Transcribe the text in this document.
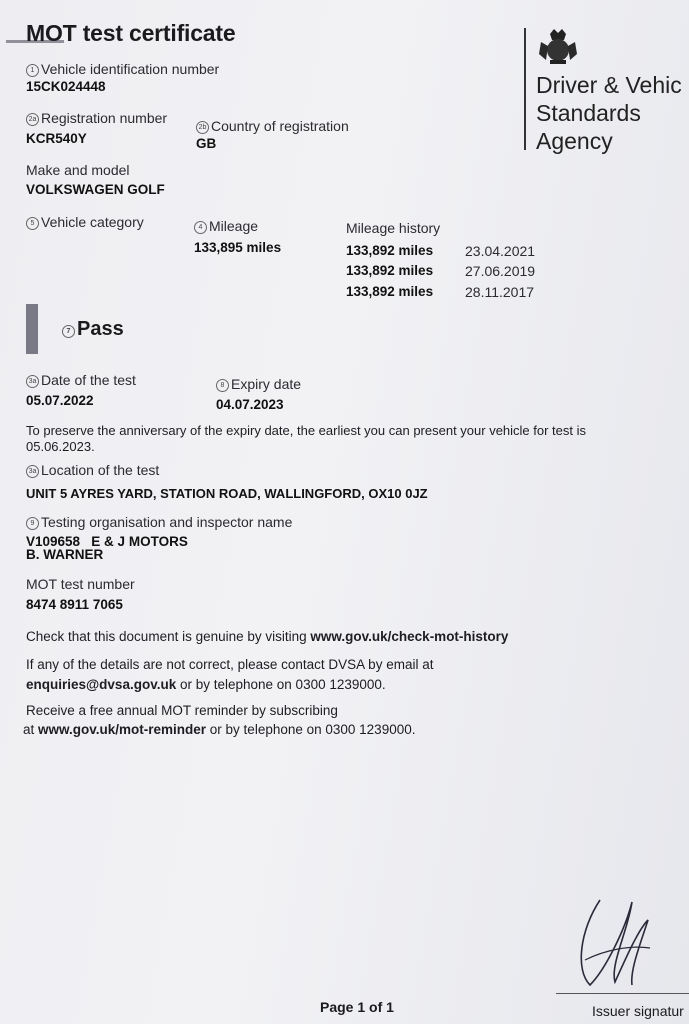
MOT test certificate
Driver & Vehic
Standards
Agency
1 Vehicle identification number
15CK024448
2a Registration number
KCR540Y
2b Country of registration
GB
Make and model
VOLKSWAGEN GOLF
5 Vehicle category	4 Mileage
133,895 miles
Mileage history
133,892 miles 23.04.2021
133,892 miles 27.06.2019
133,892 miles 28.11.2017
7 Pass
3a Date of the test
05.07.2022
8 Expiry date
04.07.2023
To preserve the anniversary of the expiry date, the earliest you can present your vehicle for test is
05.06.2023.
3a Location of the test
UNIT 5 AYRES YARD, STATION ROAD, WALLINGFORD, OX10 0JZ
9 Testing organisation and inspector name
V109658   E & J MOTORS
B. WARNER
MOT test number
8474 8911 7065
Check that this document is genuine by visiting www.gov.uk/check-mot-history
If any of the details are not correct, please contact DVSA by email at
enquiries@dvsa.gov.uk or by telephone on 0300 1239000.
Receive a free annual MOT reminder by subscribing
at www.gov.uk/mot-reminder or by telephone on 0300 1239000.
Page 1 of 1	Issuer signatur
